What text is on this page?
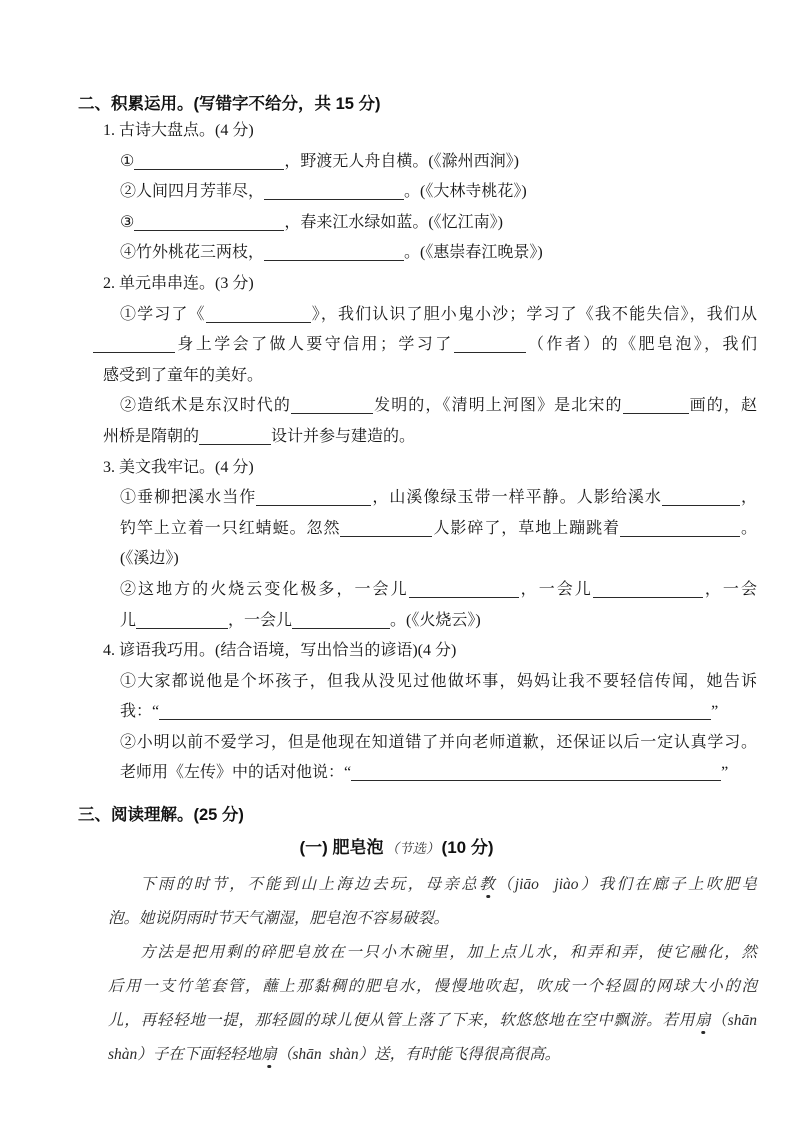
二、积累运用。(写错字不给分，共 15 分)
1. 古诗大盘点。(4 分)
①	，野渡无人舟自横。(《滁州西涧》)
②人间四月芳菲尽，	。(《大林寺桃花》)
③	，春来江水绿如蓝。(《忆江南》)
④竹外桃花三两枝，	。(《惠崇春江晚景》)
2. 单元串串连。(3 分)
①学习了《	》，我们认识了胆小鬼小沙；学习了《我不能失信》，我们从
身上学会了做人要守信用；学习了	（作者）的《肥皂泡》，我们
感受到了童年的美好。
②造纸术是东汉时代的	发明的，《清明上河图》是北宋的	画的，赵
州桥是隋朝的	设计并参与建造的。
3. 美文我牢记。(4 分)
①垂柳把溪水当作	，山溪像绿玉带一样平静。人影给溪水	，
钓竿上立着一只红蜻蜓。忽然	人影碎了，草地上蹦跳着	。
(《溪边》)
②这地方的火烧云变化极多，一会儿	，一会儿	，一会
儿	，一会儿	。(《火烧云》)
4. 谚语我巧用。(结合语境，写出恰当的谚语)(4 分)
①大家都说他是个坏孩子，但我从没见过他做坏事，妈妈让我不要轻信传闻，她告诉
我：“	”
②小明以前不爱学习，但是他现在知道错了并向老师道歉，还保证以后一定认真学习。
老师用《左传》中的话对他说：“	”
三、阅读理解。(25 分)
(一) 肥皂泡 （节选） (10 分)
下雨的时节，不能到山上海边去玩，母亲总教（jiāo  jiào）我们在廊子上吹肥皂
泡。她说阴雨时节天气潮湿，肥皂泡不容易破裂。
方法是把用剩的碎肥皂放在一只小木碗里，加上点儿水，和弄和弄，使它融化，然
后用一支竹笔套管，蘸上那黏稠的肥皂水，慢慢地吹起，吹成一个轻圆的网球大小的泡
儿，再轻轻地一提，那轻圆的球儿便从管上落了下来，软悠悠地在空中飘游。若用扇（shān
shàn）子在下面轻轻地扇（shān shàn）送，有时能飞得很高很高。
